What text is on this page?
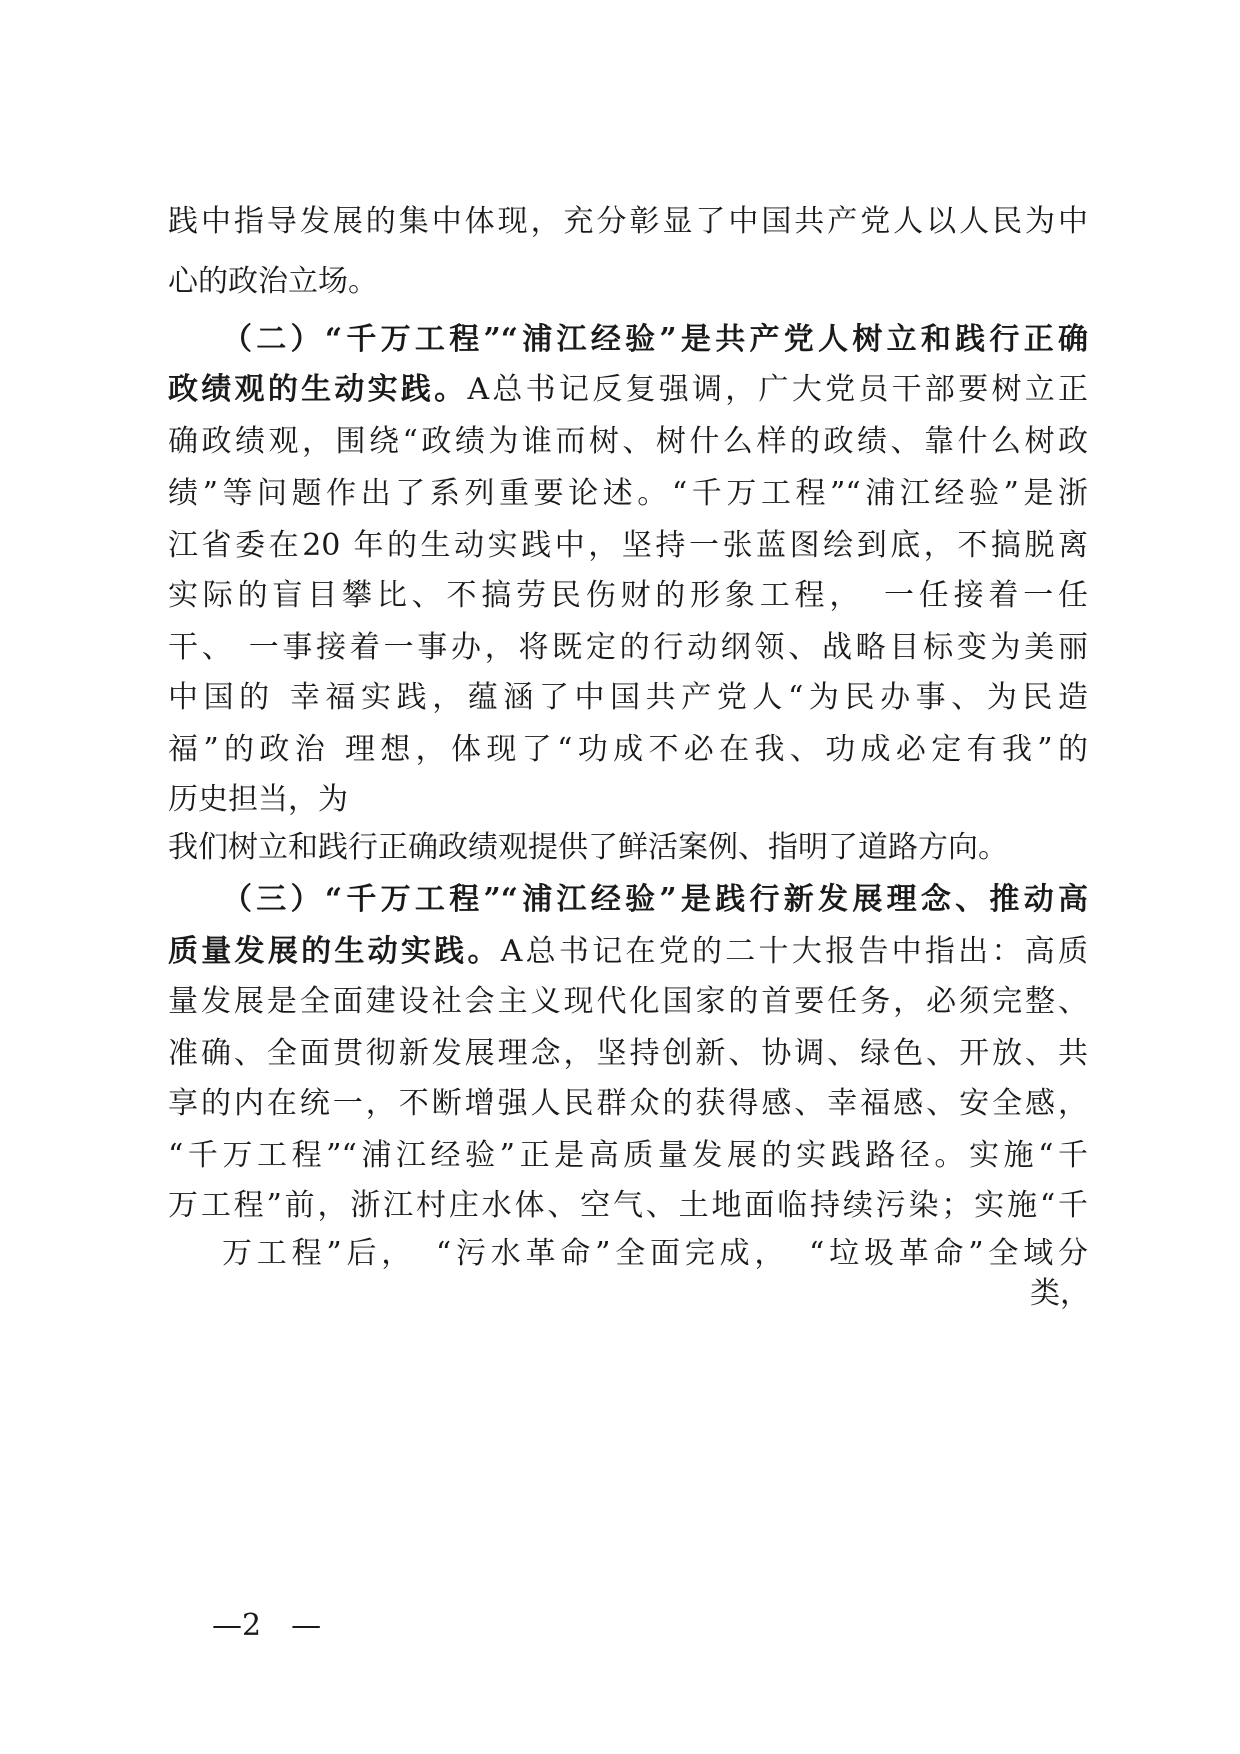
践中指导发展的集中体现，充分彰显了中国共产党人以人民为中
心的政治立场。
（二）“千万工程”“浦江经验”是共产党人树立和践行正确
政绩观的生动实践。A总书记反复强调，广大党员干部要树立正
确政绩观，围绕“政绩为谁而树、树什么样的政绩、靠什么树政
绩”等问题作出了系列重要论述。“千万工程”“浦江经验”是浙
江省委在20 年的生动实践中，坚持一张蓝图绘到底，不搞脱离
实际的盲目攀比、不搞劳民伤财的形象工程，　一任接着一任
干、 一事接着一事办，将既定的行动纲领、战略目标变为美丽
中国的 幸福实践，蕴涵了中国共产党人“为民办事、为民造
福”的政治 理想，体现了“功成不必在我、功成必定有我”的
历史担当，为
我们树立和践行正确政绩观提供了鲜活案例、指明了道路方向。
（三）“千万工程”“浦江经验”是践行新发展理念、推动高
质量发展的生动实践。A总书记在党的二十大报告中指出：高质
量发展是全面建设社会主义现代化国家的首要任务，必须完整、
准确、全面贯彻新发展理念，坚持创新、协调、绿色、开放、共
享的内在统一，不断增强人民群众的获得感、幸福感、安全感，
“千万工程”“浦江经验”正是高质量发展的实践路径。实施“千
万工程”前，浙江村庄水体、空气、土地面临持续污染；实施“千
万工程”后，　“污水革命”全面完成，　“垃圾革命”全域分
类，
—2　—
